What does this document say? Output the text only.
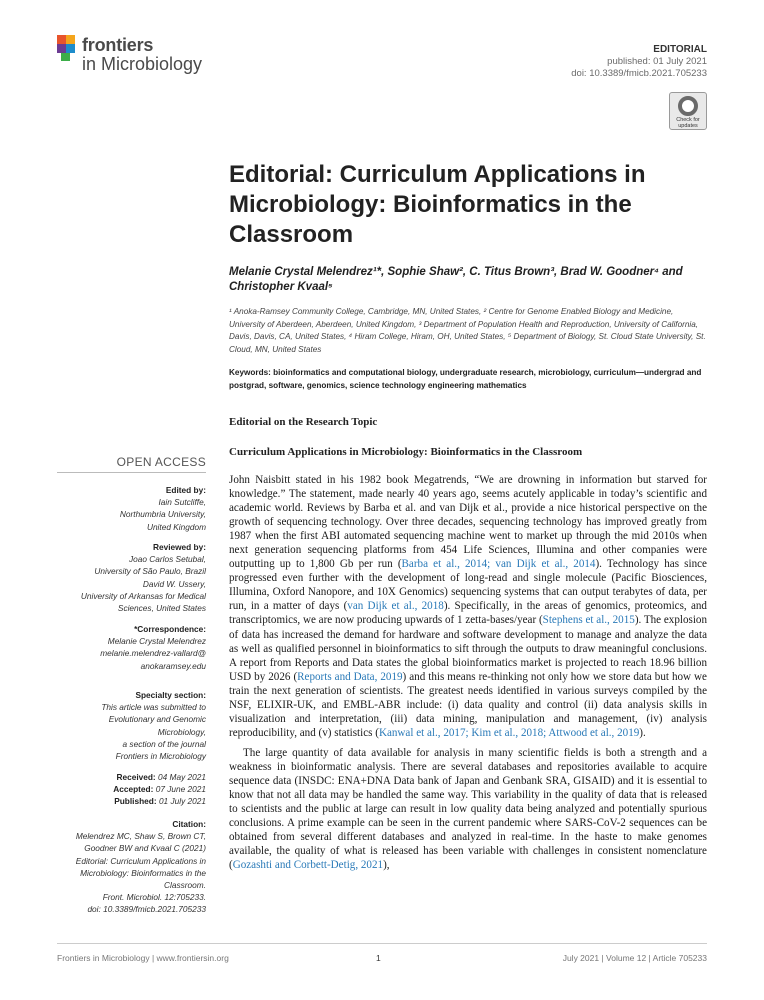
frontiers
in Microbiology
EDITORIAL
published: 01 July 2021
doi: 10.3389/fmicb.2021.705233
Check for updates
Editorial: Curriculum Applications in Microbiology: Bioinformatics in the Classroom
Melanie Crystal Melendrez¹*, Sophie Shaw², C. Titus Brown³, Brad W. Goodner⁴ and Christopher Kvaal⁵
¹ Anoka-Ramsey Community College, Cambridge, MN, United States, ² Centre for Genome Enabled Biology and Medicine, University of Aberdeen, Aberdeen, United Kingdom, ³ Department of Population Health and Reproduction, University of California, Davis, Davis, CA, United States, ⁴ Hiram College, Hiram, OH, United States, ⁵ Department of Biology, St. Cloud State University, St. Cloud, MN, United States
Keywords: bioinformatics and computational biology, undergraduate research, microbiology, curriculum—undergrad and postgrad, software, genomics, science technology engineering mathematics
Editorial on the Research Topic
Curriculum Applications in Microbiology: Bioinformatics in the Classroom
OPEN ACCESS
Edited by:
Iain Sutcliffe,
Northumbria University,
United Kingdom
Reviewed by:
Joao Carlos Setubal,
University of São Paulo, Brazil
David W. Ussery,
University of Arkansas for Medical
Sciences, United States
*Correspondence:
Melanie Crystal Melendrez
melanie.melendrez-vallard@
anokaramsey.edu
Specialty section:
This article was submitted to
Evolutionary and Genomic
Microbiology,
a section of the journal
Frontiers in Microbiology
Received: 04 May 2021
Accepted: 07 June 2021
Published: 01 July 2021
Citation:
Melendrez MC, Shaw S, Brown CT,
Goodner BW and Kvaal C (2021)
Editorial: Curriculum Applications in
Microbiology: Bioinformatics in the
Classroom.
Front. Microbiol. 12:705233.
doi: 10.3389/fmicb.2021.705233

John Naisbitt stated in his 1982 book Megatrends, “We are drowning in information but starved for knowledge.” The statement, made nearly 40 years ago, seems acutely applicable in today’s scientific and academic world. Reviews by Barba et al. and van Dijk et al., provide a nice historical perspective on the growth of sequencing technology. Over three decades, sequencing technology has improved greatly from 1987 when the first ABI automated sequencing machine went to market up through the mid 2010s when next generation sequencing platforms from 454 Life Sciences, Illumina and other companies were outputting up to 1,800 Gb per run (Barba et al., 2014; van Dijk et al., 2014). Technology has since progressed even further with the development of long-read and single molecule (Pacific Biosciences, Illumina, Oxford Nanopore, and 10X Genomics) sequencing systems that can output terabytes of data, per run, in a matter of days (van Dijk et al., 2018). Specifically, in the areas of genomics, proteomics, and transcriptomics, we are now producing upwards of 1 zetta-bases/year (Stephens et al., 2015). The explosion of data has increased the demand for hardware and software development to manage and analyze the data as well as qualified personnel in bioinformatics to sift through the outputs to draw meaningful conclusions. A report from Reports and Data states the global bioinformatics market is projected to reach 18.96 billion USD by 2026 (Reports and Data, 2019) and this means re-thinking not only how we store data but how we train the next generation of scientists. The greatest needs identified in various surveys compiled by the NSF, ELIXIR-UK, and EMBL-ABR include: (i) data quality and control (ii) data analysis skills in visualization and interpretation, (iii) data mining, manipulation and management, (iv) analysis reproducibility, and (v) statistics (Kanwal et al., 2017; Kim et al., 2018; Attwood et al., 2019).

The large quantity of data available for analysis in many scientific fields is both a strength and a weakness in bioinformatic analysis. There are several databases and repositories available to acquire sequence data (INSDC: ENA+DNA Data bank of Japan and Genbank SRA, GISAID) and it is essential to know that not all data may be handled the same way. This variability in the quality of data that is released to scientists and the public at large can result in low quality data being analyzed and potentially spurious conclusions. A prime example can be seen in the current pandemic where SARS-CoV-2 sequences can be obtained from several different databases and analyzed in real-time. In the haste to make genomes available, the quality of what is released has been variable with challenges in consistent nomenclature (Gozashti and Corbett-Detig, 2021),

Frontiers in Microbiology | www.frontiersin.org	1	July 2021 | Volume 12 | Article 705233
